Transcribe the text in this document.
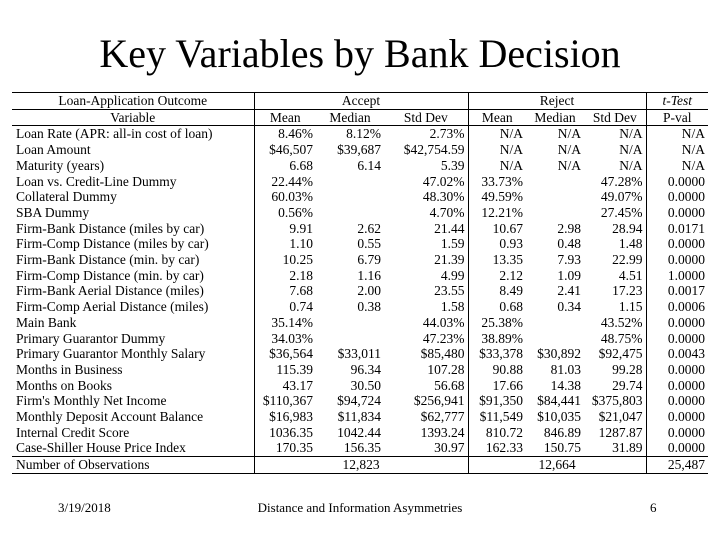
Key Variables by Bank Decision
Loan-Application Outcome	Accept			Reject			t-Test
Variable	Mean	Median	Std Dev	Mean	Median	Std Dev	P-val
Loan Rate (APR: all-in cost of loan)	8.46%	8.12%	2.73%	N/A	N/A	N/A	N/A
Loan Amount	$46,507	$39,687	$42,754.59	N/A	N/A	N/A	N/A
Maturity (years)	6.68	6.14	5.39	N/A	N/A	N/A	N/A
Loan vs. Credit-Line Dummy	22.44%		47.02%	33.73%		47.28%	0.0000
Collateral Dummy	60.03%		48.30%	49.59%		49.07%	0.0000
SBA Dummy	0.56%		4.70%	12.21%		27.45%	0.0000
Firm-Bank Distance (miles by car)	9.91	2.62	21.44	10.67	2.98	28.94	0.0171
Firm-Comp Distance (miles by car)	1.10	0.55	1.59	0.93	0.48	1.48	0.0000
Firm-Bank Distance (min. by car)	10.25	6.79	21.39	13.35	7.93	22.99	0.0000
Firm-Comp Distance (min. by car)	2.18	1.16	4.99	2.12	1.09	4.51	1.0000
Firm-Bank Aerial Distance (miles)	7.68	2.00	23.55	8.49	2.41	17.23	0.0017
Firm-Comp Aerial Distance (miles)	0.74	0.38	1.58	0.68	0.34	1.15	0.0006
Main Bank	35.14%		44.03%	25.38%		43.52%	0.0000
Primary Guarantor Dummy	34.03%		47.23%	38.89%		48.75%	0.0000
Primary Guarantor Monthly Salary	$36,564	$33,011	$85,480	$33,378	$30,892	$92,475	0.0043
Months in Business	115.39	96.34	107.28	90.88	81.03	99.28	0.0000
Months on Books	43.17	30.50	56.68	17.66	14.38	29.74	0.0000
Firm's Monthly Net Income	$110,367	$94,724	$256,941	$91,350	$84,441	$375,803	0.0000
Monthly Deposit Account Balance	$16,983	$11,834	$62,777	$11,549	$10,035	$21,047	0.0000
Internal Credit Score	1036.35	1042.44	1393.24	810.72	846.89	1287.87	0.0000
Case-Shiller House Price Index	170.35	156.35	30.97	162.33	150.75	31.89	0.0000
Number of Observations	12,823			12,664			25,487
3/19/2018	Distance and Information Asymmetries	6
